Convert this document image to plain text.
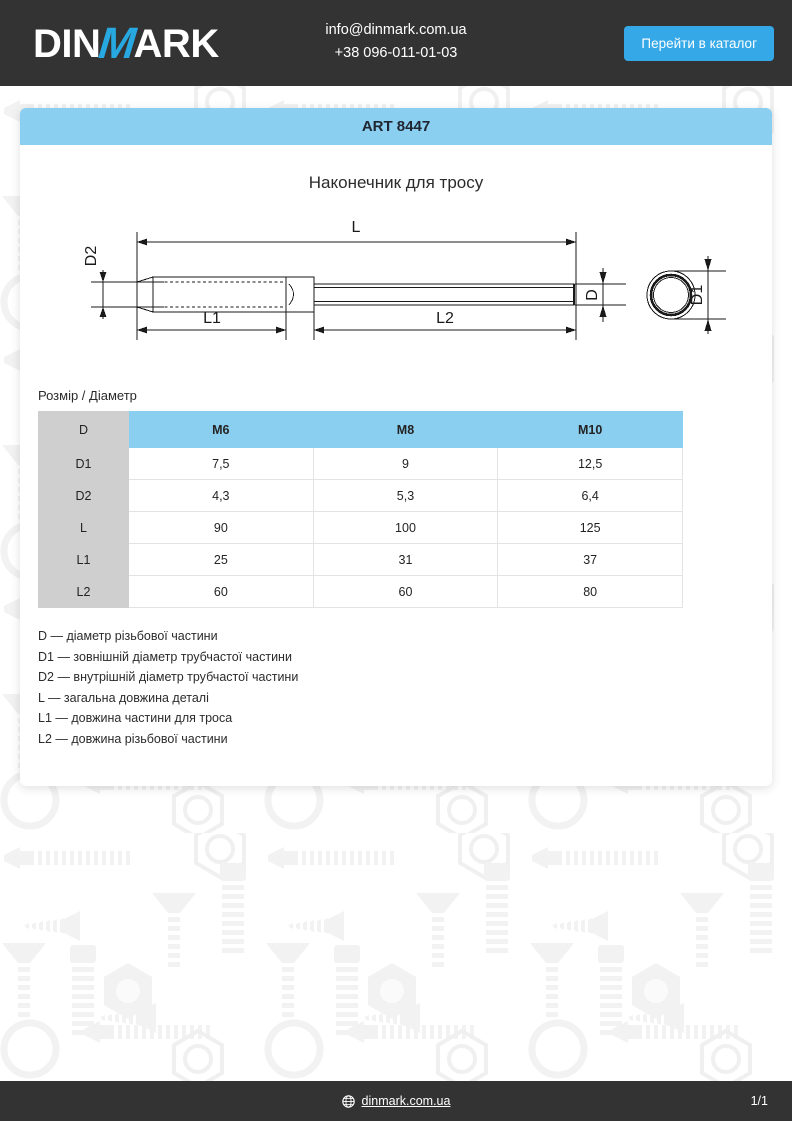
DIN
M
ARK	info@dinmark.com.ua
+38 096-011-01-03
Перейти в каталог
ART 8447
Наконечник для тросу
L
L1	L2
D	D1
D2
Розмір / Діаметр
D	M6	M8	M10
D1	7,5	9	12,5
D2	4,3	5,3	6,4
L	90	100	125
L1	25	31	37
L2	60	60	80
D — діаметр різьбової частини
D1 — зовнішній діаметр трубчастої частини
D2 — внутрішній діаметр трубчастої частини
L — загальна довжина деталі
L1 — довжина частини для троса
L2 — довжина різьбової частини
dinmark.com.ua	1/1
